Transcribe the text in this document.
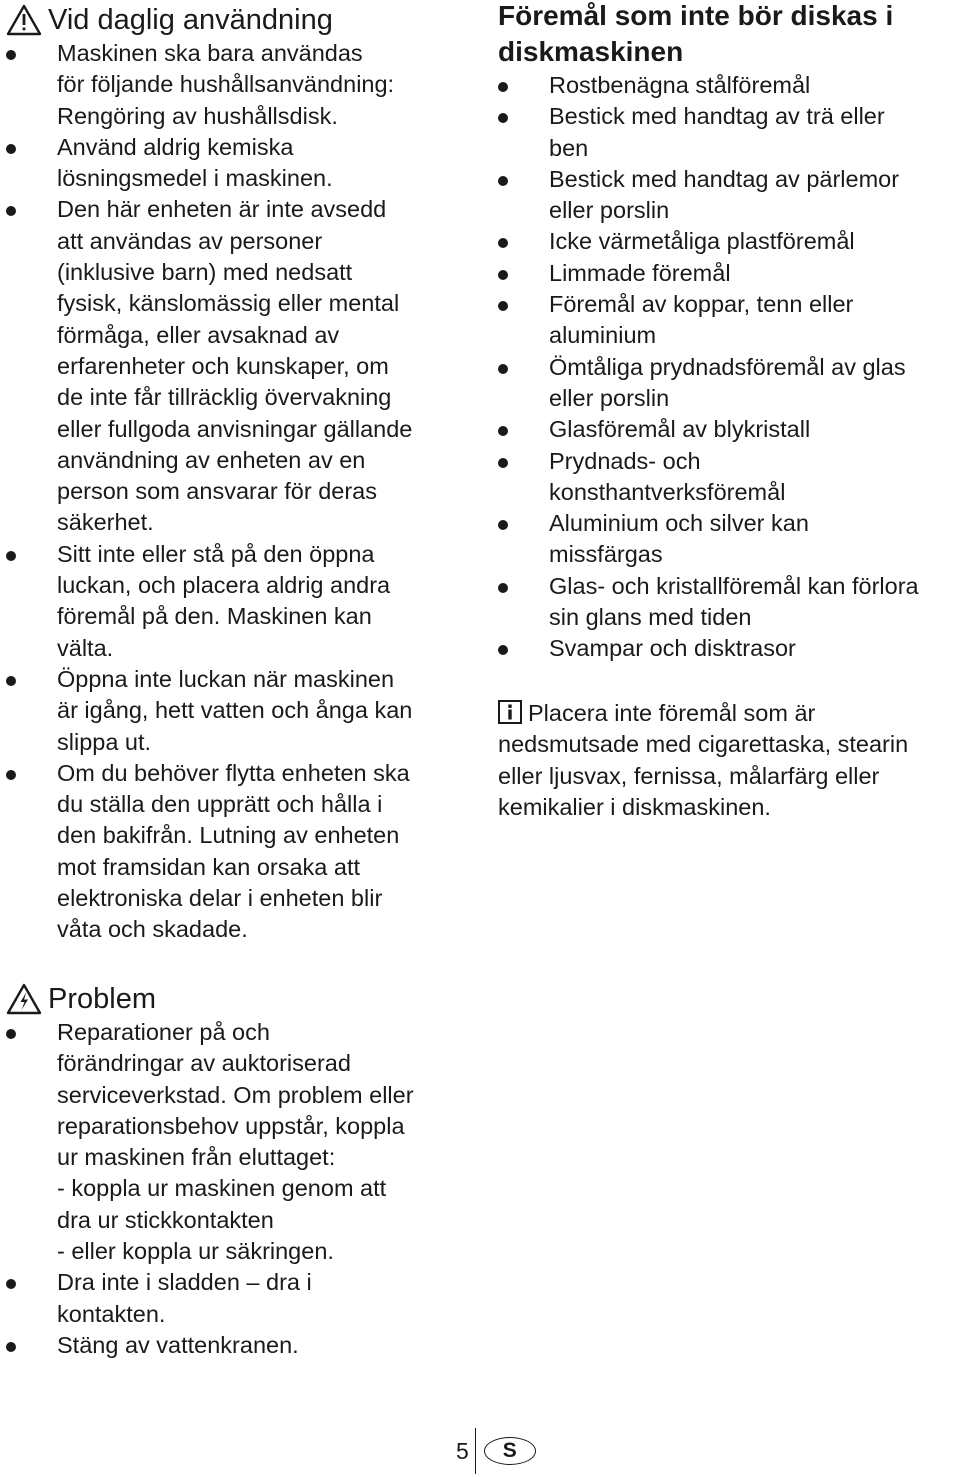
Vid daglig användning
Maskinen ska bara användas
för följande hushållsanvändning:
Rengöring av hushållsdisk.
Använd aldrig kemiska
lösningsmedel i maskinen.
Den här enheten är inte avsedd
att användas av personer
(inklusive barn) med nedsatt
fysisk, känslomässig eller mental
förmåga, eller avsaknad av
erfarenheter och kunskaper, om
de inte får tillräcklig övervakning
eller fullgoda anvisningar gällande
användning av enheten av en
person som ansvarar för deras
säkerhet.
Sitt inte eller stå på den öppna
luckan, och placera aldrig andra
föremål på den. Maskinen kan
välta.
Öppna inte luckan när maskinen
är igång, hett vatten och ånga kan
slippa ut.
Om du behöver flytta enheten ska
du ställa den upprätt och hålla i
den bakifrån. Lutning av enheten
mot framsidan kan orsaka att
elektroniska delar i enheten blir
våta och skadade.
Problem
Reparationer på och
förändringar av auktoriserad
serviceverkstad. Om problem eller
reparationsbehov uppstår, koppla
ur maskinen från eluttaget:
- koppla ur maskinen genom att
dra ur stickkontakten
- eller koppla ur säkringen.
Dra inte i sladden – dra i
kontakten.
Stäng av vattenkranen.
Föremål som inte bör diskas i diskmaskinen
Rostbenägna stålföremål
Bestick med handtag av trä eller
ben
Bestick med handtag av pärlemor
eller porslin
Icke värmetåliga plastföremål
Limmade föremål
Föremål av koppar, tenn eller
aluminium
Ömtåliga prydnadsföremål av glas
eller porslin
Glasföremål av blykristall
Prydnads- och
konsthantverksföremål
Aluminium och silver kan
missfärgas
Glas- och kristallföremål kan förlora
sin glans med tiden
Svampar och disktrasor
Placera inte föremål som är
nedsmutsade med cigarettaska, stearin
eller ljusvax, fernissa, målarfärg eller
kemikalier i diskmaskinen.
5	S
